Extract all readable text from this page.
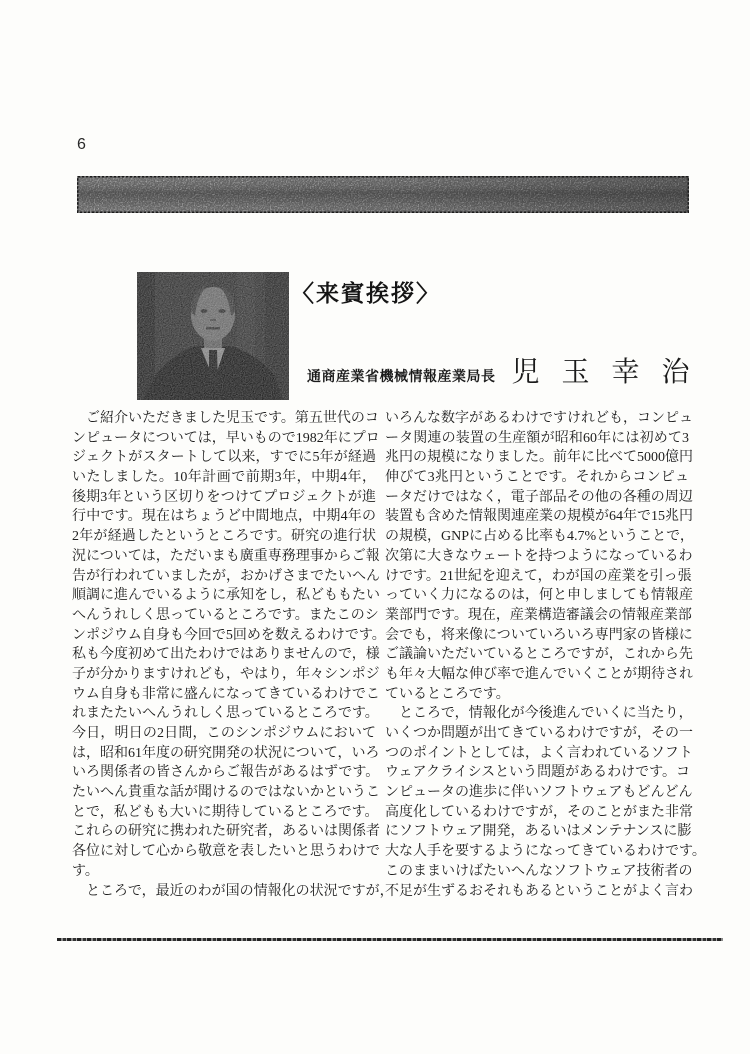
6
〈来賓挨拶〉
通商産業省機械情報産業局長 児 玉 幸 治
　ご紹介いただきました児玉です。第五世代のコ
ンピュータについては，早いもので1982年にプロ
ジェクトがスタートして以来，すでに5年が経過
いたしました。10年計画で前期3年，中期4年，
後期3年という区切りをつけてプロジェクトが進
行中です。現在はちょうど中間地点，中期4年の
2年が経過したというところです。研究の進行状
況については，ただいまも廣重専務理事からご報
告が行われていましたが，おかげさまでたいへん
順調に進んでいるように承知をし，私どももたい
へんうれしく思っているところです。またこのシ
ンポジウム自身も今回で5回めを数えるわけです。
私も今度初めて出たわけではありませんので，様
子が分かりますけれども，やはり，年々シンポジ
ウム自身も非常に盛んになってきているわけでこ
れまたたいへんうれしく思っているところです。
今日，明日の2日間，このシンポジウムにおいて
は，昭和61年度の研究開発の状況について，いろ
いろ関係者の皆さんからご報告があるはずです。
たいへん貴重な話が聞けるのではないかというこ
とで，私どもも大いに期待しているところです。
これらの研究に携われた研究者，あるいは関係者
各位に対して心から敬意を表したいと思うわけで
す。
　ところで，最近のわが国の情報化の状況ですが，
いろんな数字があるわけですけれども，コンピュ
ータ関連の装置の生産額が昭和60年には初めて3
兆円の規模になりました。前年に比べて5000億円
伸びて3兆円ということです。それからコンピュ
ータだけではなく，電子部品その他の各種の周辺
装置も含めた情報関連産業の規模が64年で15兆円
の規模，GNPに占める比率も4.7%ということで，
次第に大きなウェートを持つようになっているわ
けです。21世紀を迎えて，わが国の産業を引っ張
っていく力になるのは，何と申しましても情報産
業部門です。現在，産業構造審議会の情報産業部
会でも，将来像についていろいろ専門家の皆様に
ご議論いただいているところですが，これから先
も年々大幅な伸び率で進んでいくことが期待され
ているところです。
　ところで，情報化が今後進んでいくに当たり，
いくつか問題が出てきているわけですが，その一
つのポイントとしては，よく言われているソフト
ウェアクライシスという問題があるわけです。コ
ンピュータの進歩に伴いソフトウェアもどんどん
高度化しているわけですが，そのことがまた非常
にソフトウェア開発，あるいはメンテナンスに膨
大な人手を要するようになってきているわけです。
このままいけばたいへんなソフトウェア技術者の
不足が生ずるおそれもあるということがよく言わ
